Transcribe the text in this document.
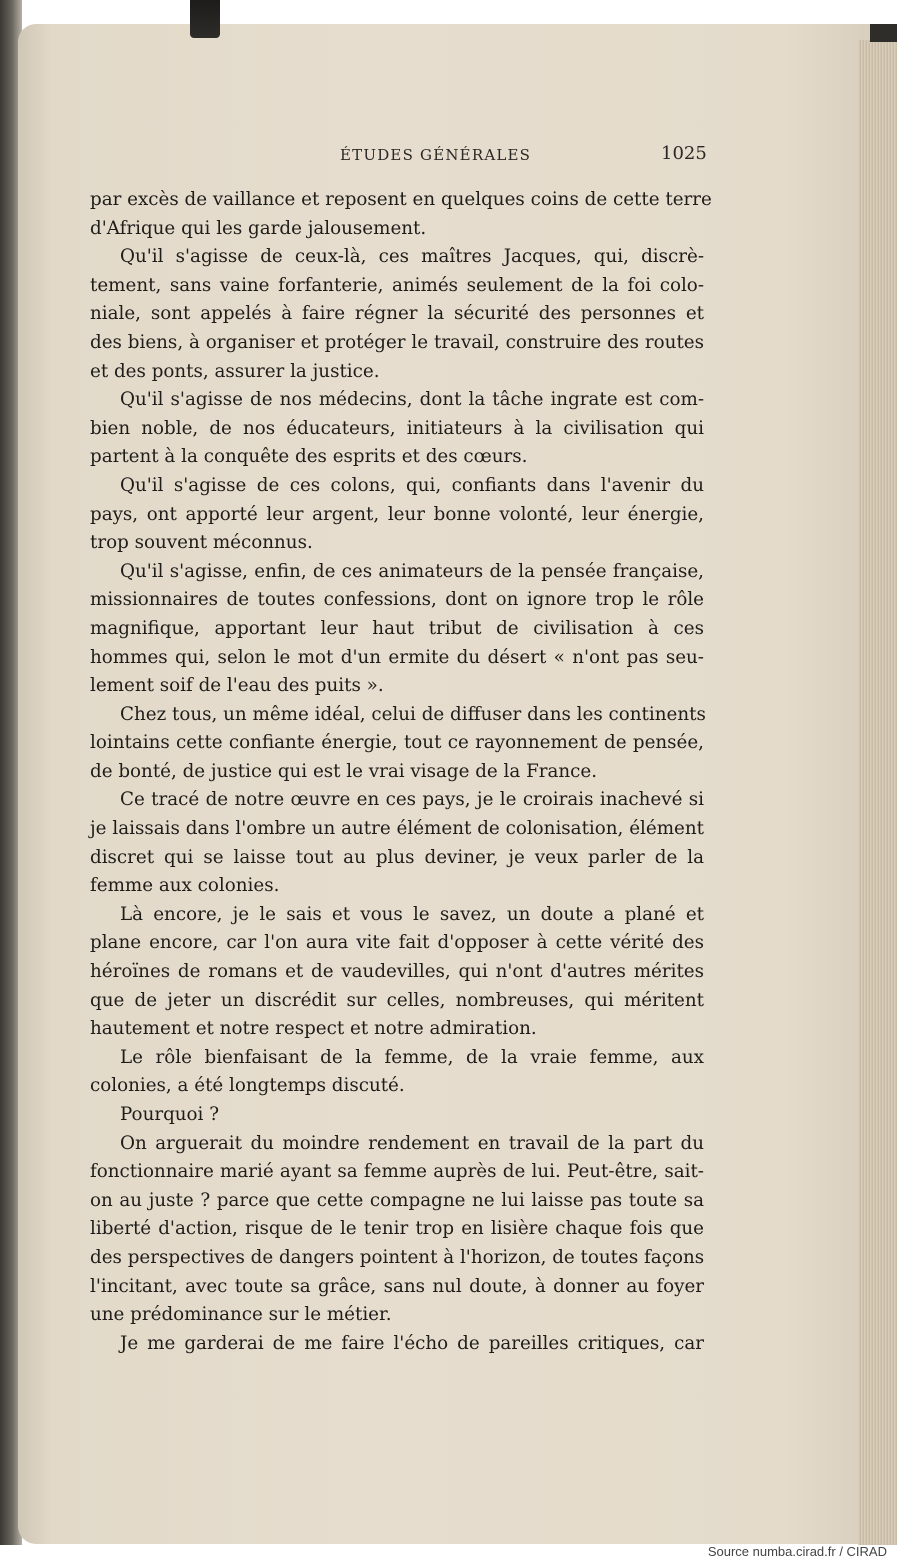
ÉTUDES GÉNÉRALES	1025
par excès de vaillance et reposent en quelques coins de cette terre
d'Afrique qui les garde jalousement.
Qu'il s'agisse de ceux-là, ces maîtres Jacques, qui, discrè-
tement, sans vaine forfanterie, animés seulement de la foi colo-
niale, sont appelés à faire régner la sécurité des personnes et
des biens, à organiser et protéger le travail, construire des routes
et des ponts, assurer la justice.
Qu'il s'agisse de nos médecins, dont la tâche ingrate est com-
bien noble, de nos éducateurs, initiateurs à la civilisation qui
partent à la conquête des esprits et des cœurs.
Qu'il s'agisse de ces colons, qui, confiants dans l'avenir du
pays, ont apporté leur argent, leur bonne volonté, leur énergie,
trop souvent méconnus.
Qu'il s'agisse, enfin, de ces animateurs de la pensée française,
missionnaires de toutes confessions, dont on ignore trop le rôle
magnifique, apportant leur haut tribut de civilisation à ces
hommes qui, selon le mot d'un ermite du désert « n'ont pas seu-
lement soif de l'eau des puits ».
Chez tous, un même idéal, celui de diffuser dans les continents
lointains cette confiante énergie, tout ce rayonnement de pensée,
de bonté, de justice qui est le vrai visage de la France.
Ce tracé de notre œuvre en ces pays, je le croirais inachevé si
je laissais dans l'ombre un autre élément de colonisation, élément
discret qui se laisse tout au plus deviner, je veux parler de la
femme aux colonies.
Là encore, je le sais et vous le savez, un doute a plané et
plane encore, car l'on aura vite fait d'opposer à cette vérité des
héroïnes de romans et de vaudevilles, qui n'ont d'autres mérites
que de jeter un discrédit sur celles, nombreuses, qui méritent
hautement et notre respect et notre admiration.
Le rôle bienfaisant de la femme, de la vraie femme, aux
colonies, a été longtemps discuté.
Pourquoi ?
On arguerait du moindre rendement en travail de la part du
fonctionnaire marié ayant sa femme auprès de lui. Peut-être, sait-
on au juste ? parce que cette compagne ne lui laisse pas toute sa
liberté d'action, risque de le tenir trop en lisière chaque fois que
des perspectives de dangers pointent à l'horizon, de toutes façons
l'incitant, avec toute sa grâce, sans nul doute, à donner au foyer
une prédominance sur le métier.
Je me garderai de me faire l'écho de pareilles critiques, car
Source numba.cirad.fr / CIRAD
